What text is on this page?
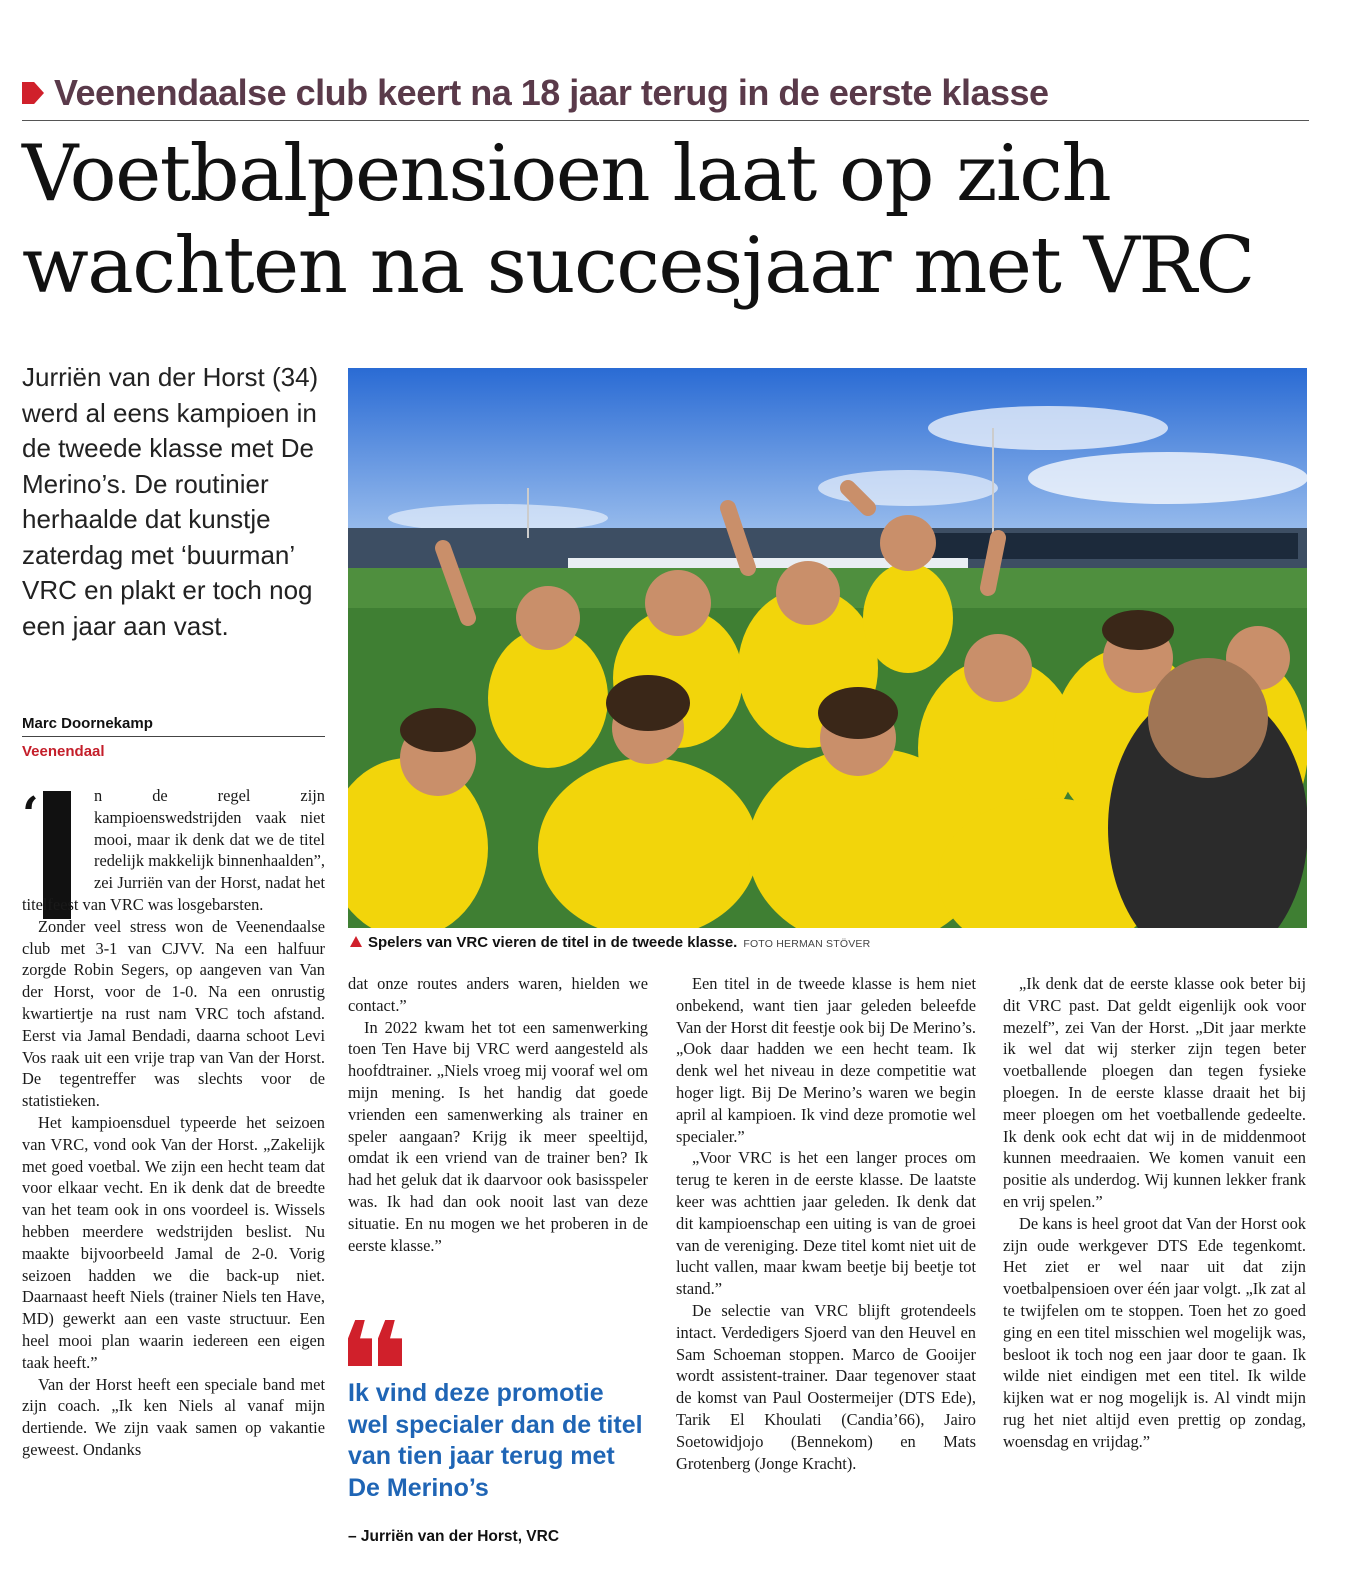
Veenendaalse club keert na 18 jaar terug in de eerste klasse
Voetbalpensioen laat op zich
wachten na succesjaar met VRC
Jurriën van der Horst (34) werd al eens kampioen in de tweede klasse met De Merino’s. De routinier herhaalde dat kunstje zaterdag met ‘buurman’ VRC en plakt er toch nog een jaar aan vast.
Marc Doornekamp
Veenendaal
Spelers van VRC vieren de titel in de tweede klasse. FOTO HERMAN STÖVER
‘	n de regel zijn kampioenswedstrijden vaak niet mooi, maar ik denk dat we de titel redelijk makkelijk binnenhaalden”, zei Jurriën van der Horst, nadat het titelfeest van VRC was losgebarsten.

Zonder veel stress won de Veenendaalse club met 3-1 van CJVV. Na een halfuur zorgde Robin Segers, op aangeven van Van der Horst, voor de 1-0. Na een onrustig kwartiertje na rust nam VRC toch afstand. Eerst via Jamal Bendadi, daarna schoot Levi Vos raak uit een vrije trap van Van der Horst. De tegentreffer was slechts voor de statistieken.

Het kampioensduel typeerde het seizoen van VRC, vond ook Van der Horst. „Zakelijk met goed voetbal. We zijn een hecht team dat voor elkaar vecht. En ik denk dat de breedte van het team ook in ons voordeel is. Wissels hebben meerdere wedstrijden beslist. Nu maakte bijvoorbeeld Jamal de 2-0. Vorig seizoen hadden we die back-up niet. Daarnaast heeft Niels (trainer Niels ten Have, MD) gewerkt aan een vaste structuur. Een heel mooi plan waarin iedereen een eigen taak heeft.”

Van der Horst heeft een speciale band met zijn coach. „Ik ken Niels al vanaf mijn dertiende. We zijn vaak samen op vakantie geweest. Ondanks

dat onze routes anders waren, hielden we contact.”

In 2022 kwam het tot een samenwerking toen Ten Have bij VRC werd aangesteld als hoofdtrainer. „Niels vroeg mij vooraf wel om mijn mening. Is het handig dat goede vrienden een samenwerking als trainer en speler aangaan? Krijg ik meer speeltijd, omdat ik een vriend van de trainer ben? Ik had het geluk dat ik daarvoor ook basisspeler was. Ik had dan ook nooit last van deze situatie. En nu mogen we het proberen in de eerste klasse.”

Ik vind deze promotie wel specialer dan de titel van tien jaar terug met De Merino’s
– Jurriën van der Horst, VRC

Een titel in de tweede klasse is hem niet onbekend, want tien jaar geleden beleefde Van der Horst dit feestje ook bij De Merino’s. „Ook daar hadden we een hecht team. Ik denk wel het niveau in deze competitie wat hoger ligt. Bij De Merino’s waren we begin april al kampioen. Ik vind deze promotie wel specialer.”

„Voor VRC is het een langer proces om terug te keren in de eerste klasse. De laatste keer was achttien jaar geleden. Ik denk dat dit kampioenschap een uiting is van de groei van de vereniging. Deze titel komt niet uit de lucht vallen, maar kwam beetje bij beetje tot stand.”

De selectie van VRC blijft grotendeels intact. Verdedigers Sjoerd van den Heuvel en Sam Schoeman stoppen. Marco de Gooijer wordt assistent-trainer. Daar tegenover staat de komst van Paul Oostermeijer (DTS Ede), Tarik El Khoulati (Candia’66), Jairo Soetowidjojo (Bennekom) en Mats Grotenberg (Jonge Kracht).

„Ik denk dat de eerste klasse ook beter bij dit VRC past. Dat geldt eigenlijk ook voor mezelf”, zei Van der Horst. „Dit jaar merkte ik wel dat wij sterker zijn tegen beter voetballende ploegen dan tegen fysieke ploegen. In de eerste klasse draait het bij meer ploegen om het voetballende gedeelte. Ik denk ook echt dat wij in de middenmoot kunnen meedraaien. We komen vanuit een positie als underdog. Wij kunnen lekker frank en vrij spelen.”

De kans is heel groot dat Van der Horst ook zijn oude werkgever DTS Ede tegenkomt. Het ziet er wel naar uit dat zijn voetbalpensioen over één jaar volgt. „Ik zat al te twijfelen om te stoppen. Toen het zo goed ging en een titel misschien wel mogelijk was, besloot ik toch nog een jaar door te gaan. Ik wilde niet eindigen met een titel. Ik wilde kijken wat er nog mogelijk is. Al vindt mijn rug het niet altijd even prettig op zondag, woensdag en vrijdag.”
